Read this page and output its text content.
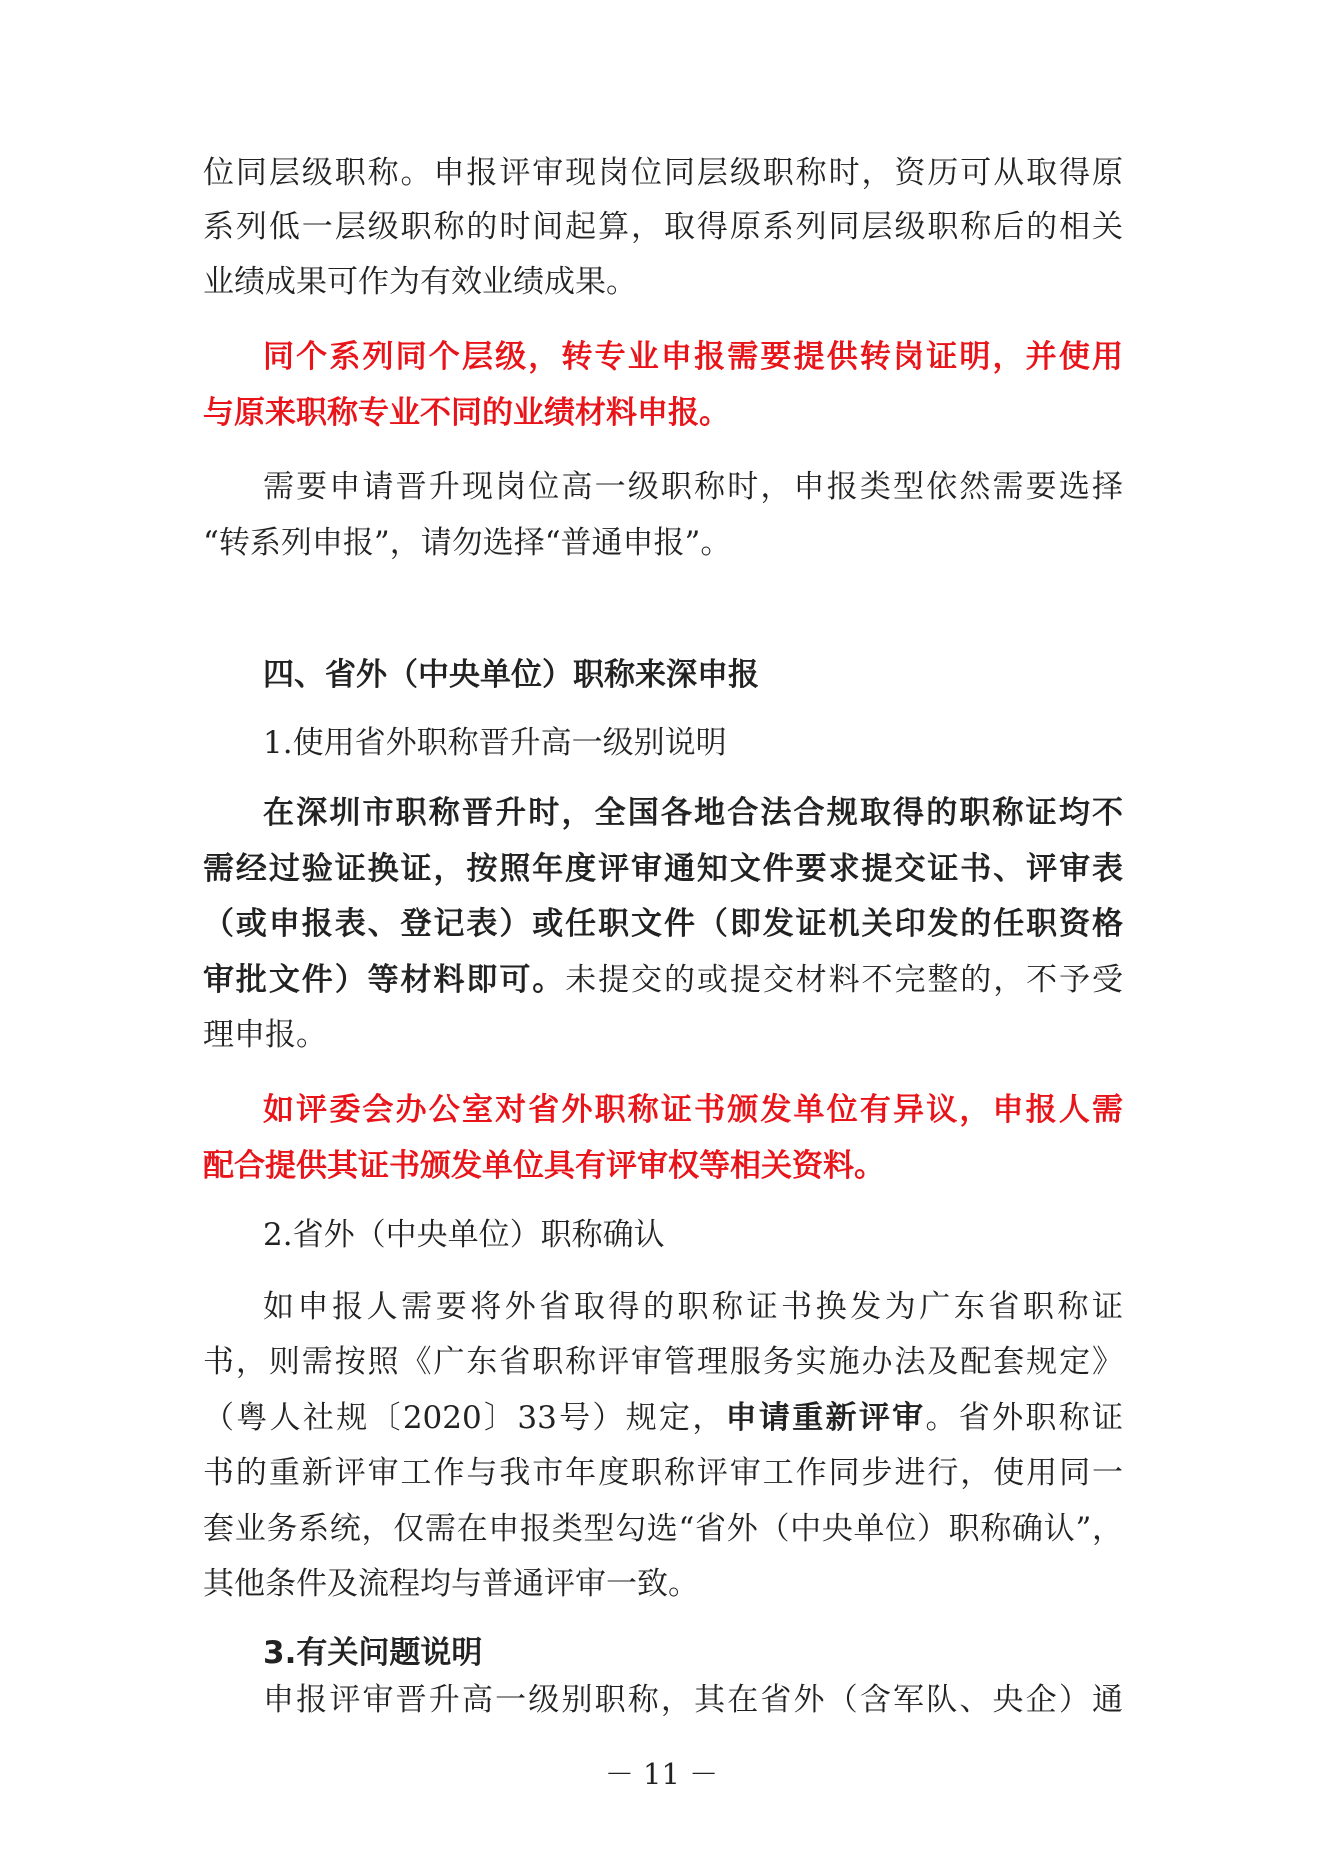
位同层级职称。申报评审现岗位同层级职称时，资历可从取得原
系列低一层级职称的时间起算，取得原系列同层级职称后的相关
业绩成果可作为有效业绩成果。
同个系列同个层级，转专业申报需要提供转岗证明，并使用
与原来职称专业不同的业绩材料申报。
需要申请晋升现岗位高一级职称时，申报类型依然需要选择
“转系列申报”，请勿选择“普通申报”。
四、省外（中央单位）职称来深申报
1.使用省外职称晋升高一级别说明
在深圳市职称晋升时，全国各地合法合规取得的职称证均不
需经过验证换证，按照年度评审通知文件要求提交证书、评审表
（或申报表、登记表）或任职文件（即发证机关印发的任职资格
审批文件）等材料即可。未提交的或提交材料不完整的，不予受
理申报。
如评委会办公室对省外职称证书颁发单位有异议，申报人需
配合提供其证书颁发单位具有评审权等相关资料。
2.省外（中央单位）职称确认
如申报人需要将外省取得的职称证书换发为广东省职称证
书，则需按照《广东省职称评审管理服务实施办法及配套规定》
（粤人社规〔2020〕33号）规定，申请重新评审。省外职称证
书的重新评审工作与我市年度职称评审工作同步进行，使用同一
套业务系统，仅需在申报类型勾选“省外（中央单位）职称确认”，
其他条件及流程均与普通评审一致。
3.有关问题说明
申报评审晋升高一级别职称，其在省外（含军队、央企）通
－ 11 －
